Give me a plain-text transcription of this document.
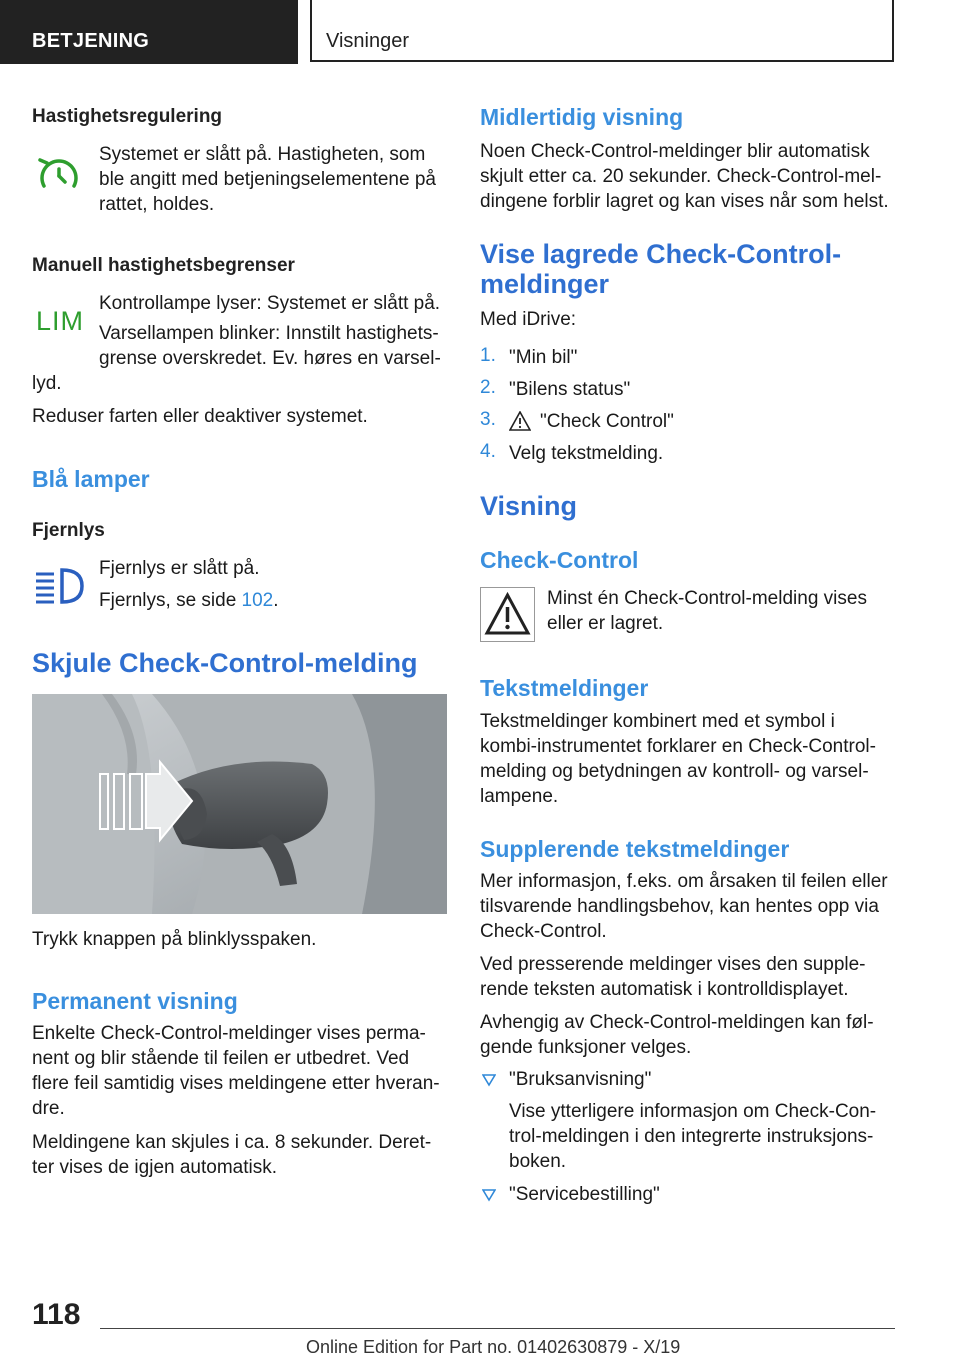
BETJENING	Visninger
Hastighetsregulering

Systemet er slått på. Hastigheten, som ble angitt med betjeningselementene på rattet, holdes.

Manuell hastighetsbegrenser
LIM

Kontrollampe lyser: Systemet er slått på.

Varsellampen blinker: Innstilt hastighets-

grense overskredet. Ev. høres en varsel-

lyd.

Reduser farten eller deaktiver systemet.

Blå lamper
Fjernlys

Fjernlys er slått på.

Fjernlys, se side 102.

Skjule Check-Control-melding

Trykk knappen på blinklysspaken.

Permanent visning

Enkelte Check-Control-meldinger vises perma-nent og blir stående til feilen er utbedret. Ved flere feil samtidig vises meldingene etter hveran-dre.

Meldingene kan skjules i ca. 8 sekunder. Deret-ter vises de igjen automatisk.

Midlertidig visning

Noen Check-Control-meldinger blir automatisk skjult etter ca. 20 sekunder. Check-Control-mel-dingene forblir lagret og kan vises når som helst.

Vise lagrede Check-Control-
meldinger

Med iDrive:

1. "Min bil"

2. "Bilens status"

3. "Check Control"

4. Velg tekstmelding.

Visning
Check-Control

Minst én Check-Control-melding vises eller er lagret.

Tekstmeldinger

Tekstmeldinger kombinert med et symbol i kombi-instrumentet forklarer en Check-Control-melding og betydningen av kontroll- og varsel-lampene.

Supplerende tekstmeldinger

Mer informasjon, f.eks. om årsaken til feilen eller tilsvarende handlingsbehov, kan hentes opp via Check-Control.

Ved presserende meldinger vises den supple-rende teksten automatisk i kontrolldisplayet.

Avhengig av Check-Control-meldingen kan føl-gende funksjoner velges.

"Bruksanvisning"

Vise ytterligere informasjon om Check-Con-trol-meldingen i den integrerte instruksjons-boken.

"Servicebestilling"

118
Online Edition for Part no. 01402630879 - X/19
